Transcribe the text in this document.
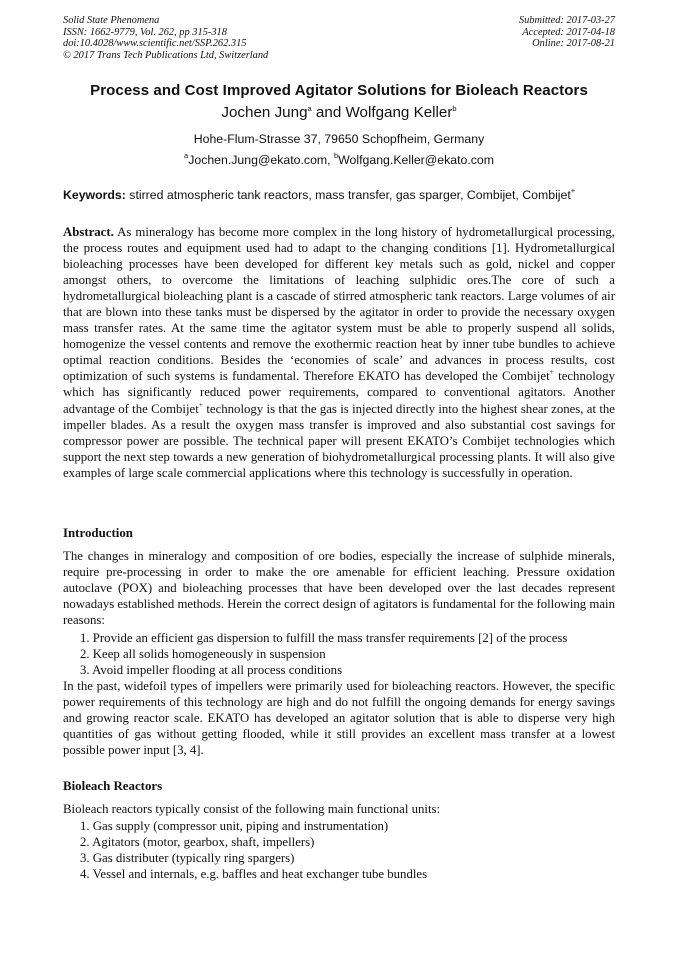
Solid State Phenomena
ISSN: 1662-9779, Vol. 262, pp 315-318
doi:10.4028/www.scientific.net/SSP.262.315
© 2017 Trans Tech Publications Ltd, Switzerland
Submitted: 2017-03-27
Accepted: 2017-04-18
Online: 2017-08-21
Process and Cost Improved Agitator Solutions for Bioleach Reactors
Jochen Jung$^a$ and Wolfgang Keller$^b$
Hohe-Flum-Strasse 37, 79650 Schopfheim, Germany
$^a$Jochen.Jung@ekato.com, $^b$Wolfgang.Keller@ekato.com
Keywords: stirred atmospheric tank reactors, mass transfer, gas sparger, Combijet, Combijet+
Abstract. As mineralogy has become more complex in the long history of hydrometallurgical processing, the process routes and equipment used had to adapt to the changing conditions [1]. Hydrometallurgical bioleaching processes have been developed for different key metals such as gold, nickel and copper amongst others, to overcome the limitations of leaching sulphidic ores.The core of such a hydrometallurgical bioleaching plant is a cascade of stirred atmospheric tank reactors. Large volumes of air that are blown into these tanks must be dispersed by the agitator in order to provide the necessary oxygen mass transfer rates. At the same time the agitator system must be able to properly suspend all solids, homogenize the vessel contents and remove the exothermic reaction heat by inner tube bundles to achieve optimal reaction conditions. Besides the ‘economies of scale’ and advances in process results, cost optimization of such systems is fundamental. Therefore EKATO has developed the Combijet+ technology which has significantly reduced power requirements, compared to conventional agitators. Another advantage of the Combijet+ technology is that the gas is injected directly into the highest shear zones, at the impeller blades. As a result the oxygen mass transfer is improved and also substantial cost savings for compressor power are possible. The technical paper will present EKATO’s Combijet technologies which support the next step towards a new generation of biohydrometallurgical processing plants. It will also give examples of large scale commercial applications where this technology is successfully in operation.
Introduction
The changes in mineralogy and composition of ore bodies, especially the increase of sulphide minerals, require pre-processing in order to make the ore amenable for efficient leaching. Pressure oxidation autoclave (POX) and bioleaching processes that have been developed over the last decades represent nowadays established methods. Herein the correct design of agitators is fundamental for the following main reasons:
1. Provide an efficient gas dispersion to fulfill the mass transfer requirements [2] of the process
2. Keep all solids homogeneously in suspension
3. Avoid impeller flooding at all process conditions
In the past, widefoil types of impellers were primarily used for bioleaching reactors. However, the specific power requirements of this technology are high and do not fulfill the ongoing demands for energy savings and growing reactor scale. EKATO has developed an agitator solution that is able to disperse very high quantities of gas without getting flooded, while it still provides an excellent mass transfer at a lowest possible power input [3, 4].
Bioleach Reactors
Bioleach reactors typically consist of the following main functional units:
1. Gas supply (compressor unit, piping and instrumentation)
2. Agitators (motor, gearbox, shaft, impellers)
3. Gas distributer (typically ring spargers)
4. Vessel and internals, e.g. baffles and heat exchanger tube bundles
